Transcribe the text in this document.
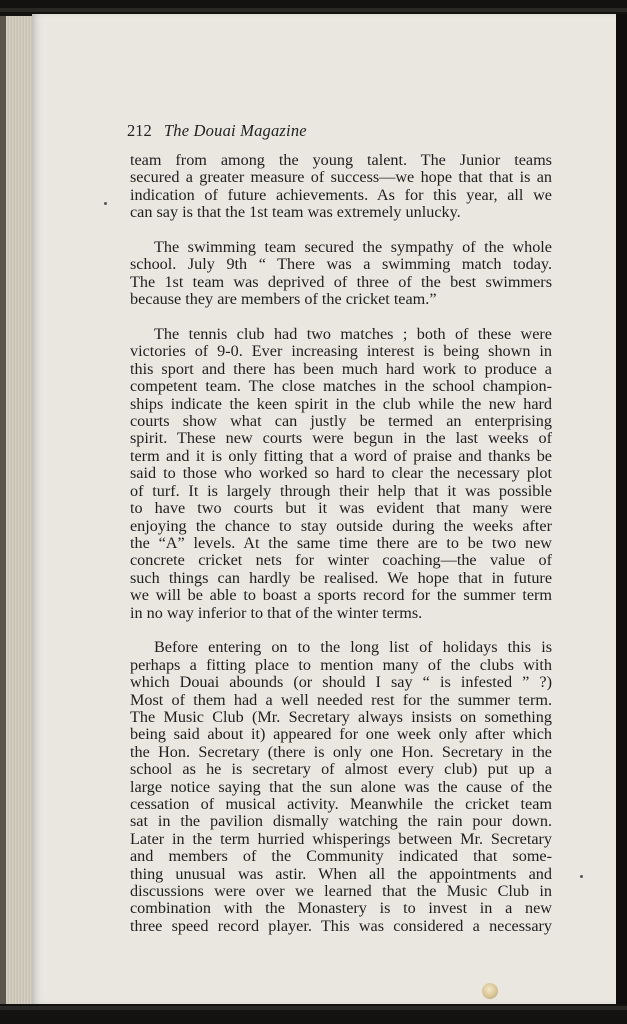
212 The Douai Magazine

team from among the young talent. The Junior teams
secured a greater measure of success—we hope that that is an
indication of future achievements. As for this year, all we
can say is that the 1st team was extremely unlucky.

The swimming team secured the sympathy of the whole
school. July 9th “ There was a swimming match today.
The 1st team was deprived of three of the best swimmers
because they are members of the cricket team.”

The tennis club had two matches ; both of these were
victories of 9-0. Ever increasing interest is being shown in
this sport and there has been much hard work to produce a
competent team. The close matches in the school champion-
ships indicate the keen spirit in the club while the new hard
courts show what can justly be termed an enterprising
spirit. These new courts were begun in the last weeks of
term and it is only fitting that a word of praise and thanks be
said to those who worked so hard to clear the necessary plot
of turf. It is largely through their help that it was possible
to have two courts but it was evident that many were
enjoying the chance to stay outside during the weeks after
the “A” levels. At the same time there are to be two new
concrete cricket nets for winter coaching—the value of
such things can hardly be realised. We hope that in future
we will be able to boast a sports record for the summer term
in no way inferior to that of the winter terms.

Before entering on to the long list of holidays this is
perhaps a fitting place to mention many of the clubs with
which Douai abounds (or should I say “ is infested ” ?)
Most of them had a well needed rest for the summer term.
The Music Club (Mr. Secretary always insists on something
being said about it) appeared for one week only after which
the Hon. Secretary (there is only one Hon. Secretary in the
school as he is secretary of almost every club) put up a
large notice saying that the sun alone was the cause of the
cessation of musical activity. Meanwhile the cricket team
sat in the pavilion dismally watching the rain pour down.
Later in the term hurried whisperings between Mr. Secretary
and members of the Community indicated that some-
thing unusual was astir. When all the appointments and
discussions were over we learned that the Music Club in
combination with the Monastery is to invest in a new
three speed record player. This was considered a necessary
